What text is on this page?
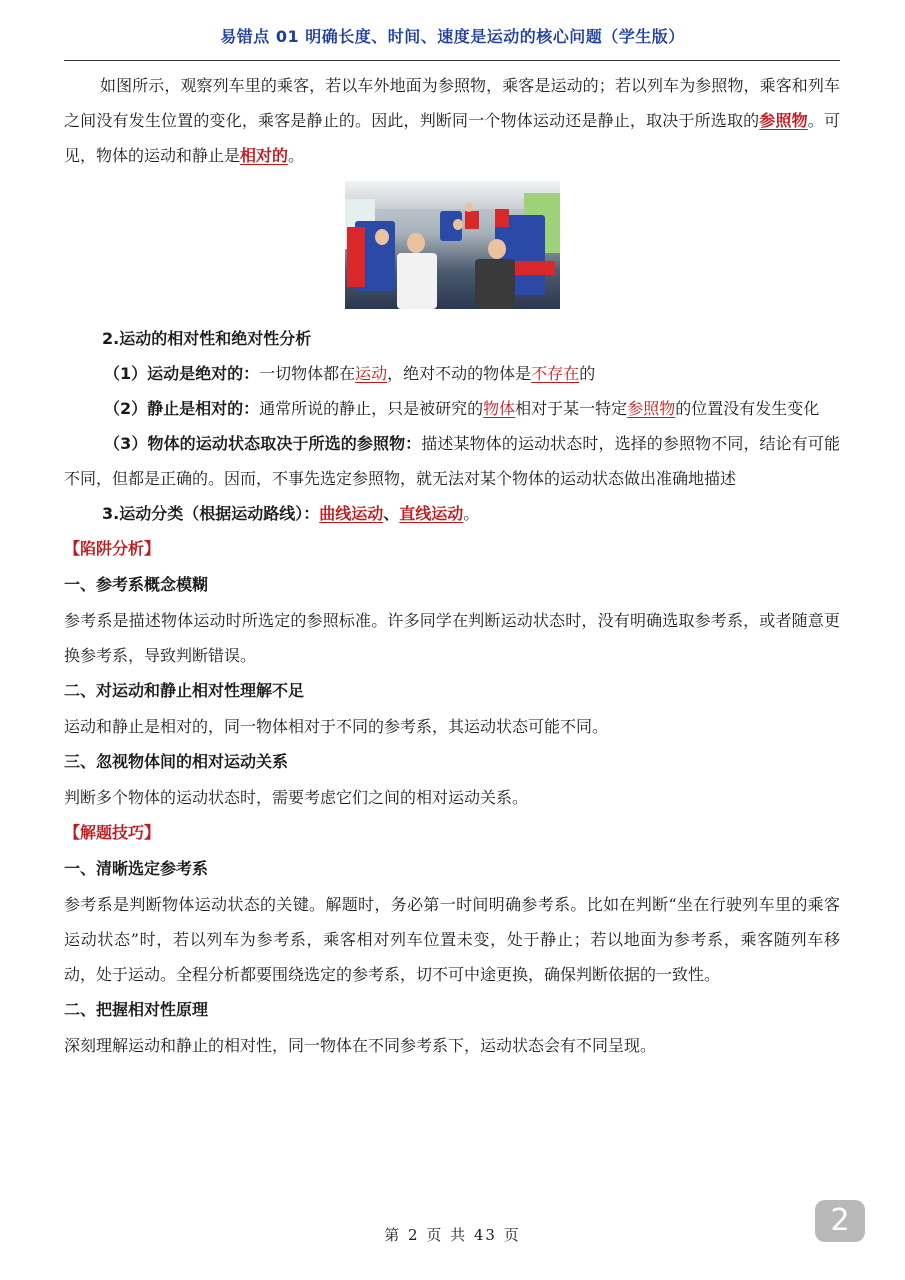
易错点 01 明确长度、时间、速度是运动的核心问题（学生版）

如图所示，观察列车里的乘客，若以车外地面为参照物，乘客是运动的；若以列车为参照物，乘客和列车之间没有发生位置的变化，乘客是静止的。因此，判断同一个物体运动还是静止，取决于所选取的参照物。可见，物体的运动和静止是相对的。

2.运动的相对性和绝对性分析

（1）运动是绝对的：一切物体都在运动，绝对不动的物体是不存在的

（2）静止是相对的：通常所说的静止，只是被研究的物体相对于某一特定参照物的位置没有发生变化

（3）物体的运动状态取决于所选的参照物：描述某物体的运动状态时，选择的参照物不同，结论有可能不同，但都是正确的。因而，不事先选定参照物，就无法对某个物体的运动状态做出准确地描述

3.运动分类（根据运动路线）：曲线运动、直线运动。

【陷阱分析】
一、参考系概念模糊

参考系是描述物体运动时所选定的参照标准。许多同学在判断运动状态时，没有明确选取参考系，或者随意更换参考系，导致判断错误。

二、对运动和静止相对性理解不足

运动和静止是相对的，同一物体相对于不同的参考系，其运动状态可能不同。

三、忽视物体间的相对运动关系

判断多个物体的运动状态时，需要考虑它们之间的相对运动关系。

【解题技巧】
一、清晰选定参考系

参考系是判断物体运动状态的关键。解题时，务必第一时间明确参考系。比如在判断“坐在行驶列车里的乘客运动状态”时，若以列车为参考系，乘客相对列车位置未变，处于静止；若以地面为参考系，乘客随列车移动，处于运动。全程分析都要围绕选定的参考系，切不可中途更换，确保判断依据的一致性。

二、把握相对性原理

深刻理解运动和静止的相对性，同一物体在不同参考系下，运动状态会有不同呈现。

第 2 页 共 43 页	2
